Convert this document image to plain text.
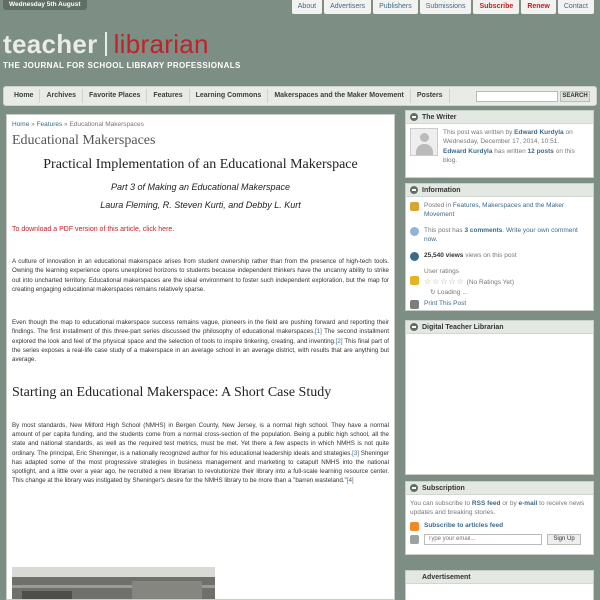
Wednesday 5th August	About	Advertisers	Publishers	Submissions	Subscribe	Renew	Contact
teacher librarian
THE JOURNAL FOR SCHOOL LIBRARY PROFESSIONALS
Home	Archives	Favorite Places	Features	Learning Commons	Makerspaces and the Maker Movement	Posters	SEARCH
Home » Features » Educational Makerspaces
Educational Makerspaces
Practical Implementation of an Educational Makerspace
Part 3 of Making an Educational Makerspace
Laura Fleming, R. Steven Kurti, and Debby L. Kurt
To download a PDF version of this article, click here.

A culture of innovation in an educational makerspace arises from student ownership rather than from the presence of high-tech tools. Owning the learning experience opens unexplored horizons to students because independent thinkers have the uncanny ability to strike out into uncharted territory. Educational makerspaces are the ideal environment to foster such independent exploration, but the map for creating engaging educational makerspaces remains relatively sparse.

Even though the map to educational makerspace success remains vague, pioneers in the field are pushing forward and reporting their findings. The first installment of this three-part series discussed the philosophy of educational makerspaces.[1] The second installment explored the look and feel of the physical space and the selection of tools to inspire tinkering, creating, and inventing.[2] This final part of the series exposes a real-life case study of a makerspace in an average school in an average district, with results that are anything but average.

Starting an Educational Makerspace: A Short Case Study

By most standards, New Milford High School (NMHS) in Bergen County, New Jersey, is a normal high school. They have a normal amount of per capita funding, and the students come from a normal cross-section of the population. Being a public high school, all the state and national standards, as well as the required test metrics, must be met. Yet there a few aspects in which NMHS is not quite ordinary. The principal, Eric Sheninger, is a nationally recognized author for his educational leadership ideals and strategies.[3] Sheninger has adapted some of the most progressive strategies in business management and marketing to catapult NMHS into the national spotlight, and a little over a year ago, he recruited a new librarian to revolutionize their library into a full-scale learning resource center. This change at the library was instigated by Sheninger's desire for the NMHS library to be more than a "barren wasteland."[4]

The Writer
This post was written by Edward Kurdyla on Wednesday, December 17, 2014, 10:51.
Edward Kurdyla has written 12 posts on this blog.
Information
Posted in Features, Makerspaces and the Maker Movement
This post has 3 comments. Write your own comment now.
25,540 views views on this post
User ratings
☆☆☆☆☆ (No Ratings Yet)
↻ Loading ...
Print This Post
Digital Teacher Librarian
Subscription
You can subscribe to RSS feed or by e-mail to receive news updates and breaking stories.
Subscribe to articles feed
Type your email...
Sign Up
Advertisement
